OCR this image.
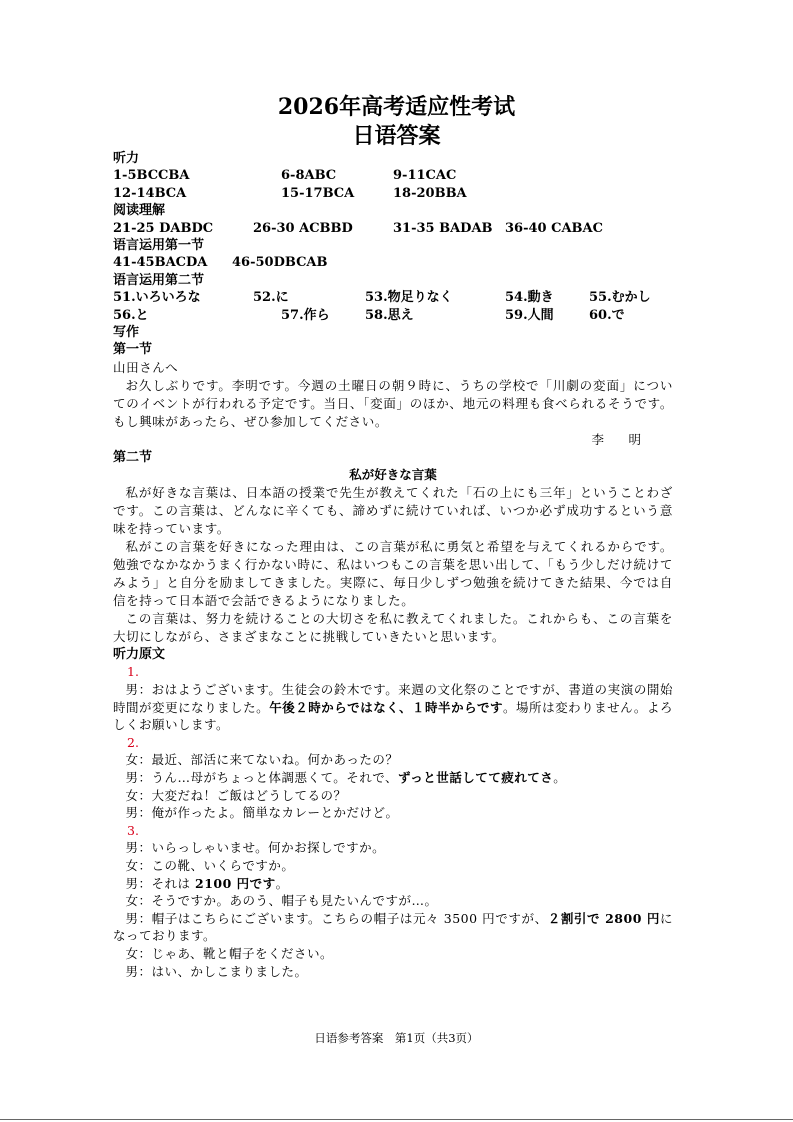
2026年高考适应性考试
日语答案
听力
1-5BCCBA	6-8ABC	9-11CAC
12-14BCA	15-17BCA	18-20BBA
阅读理解
21-25 DABDC	26-30 ACBBD	31-35 BADAB 36-40 CABAC
语言运用第一节
41-45BACDA 46-50DBCAB
语言运用第二节
51.いろいろな	52.に	53.物足りなく	54.動き	55.むかし
56.と	57.作ら	58.思え	59.人間	60.で
写作
第一节
山田さんへ
お久しぶりです。李明です。今週の土曜日の朝９時に、うちの学校で「川劇の変面」についてのイベントが行われる予定です。当日、「変面」のほか、地元の料理も食べられるそうです。もし興味があったら、ぜひ参加してください。
李　明
第二节
私が好きな言葉
私が好きな言葉は、日本語の授業で先生が教えてくれた「石の上にも三年」ということわざです。この言葉は、どんなに辛くても、諦めずに続けていれば、いつか必ず成功するという意味を持っています。
私がこの言葉を好きになった理由は、この言葉が私に勇気と希望を与えてくれるからです。勉強でなかなかうまく行かない時に、私はいつもこの言葉を思い出して、「もう少しだけ続けてみよう」と自分を励ましてきました。実際に、毎日少しずつ勉強を続けてきた結果、今では自信を持って日本語で会話できるようになりました。
この言葉は、努力を続けることの大切さを私に教えてくれました。これからも、この言葉を大切にしながら、さまざまなことに挑戦していきたいと思います。
听力原文
1.
男：おはようございます。生徒会の鈴木です。来週の文化祭のことですが、書道の実演の開始時間が変更になりました。午後２時からではなく、１時半からです。場所は変わりません。よろしくお願いします。
2.
女：最近、部活に来てないね。何かあったの？
男：うん…母がちょっと体調悪くて。それで、ずっと世話してて疲れてさ。
女：大変だね！ご飯はどうしてるの？
男：俺が作ったよ。簡単なカレーとかだけど。
3.
男：いらっしゃいませ。何かお探しですか。
女：この靴、いくらですか。
男：それは 2100 円です。
女：そうですか。あのう、帽子も見たいんですが…。
男：帽子はこちらにございます。こちらの帽子は元々 3500 円ですが、２割引で 2800 円になっております。
女：じゃあ、靴と帽子をください。
男：はい、かしこまりました。
日语参考答案　第1页（共3页）
